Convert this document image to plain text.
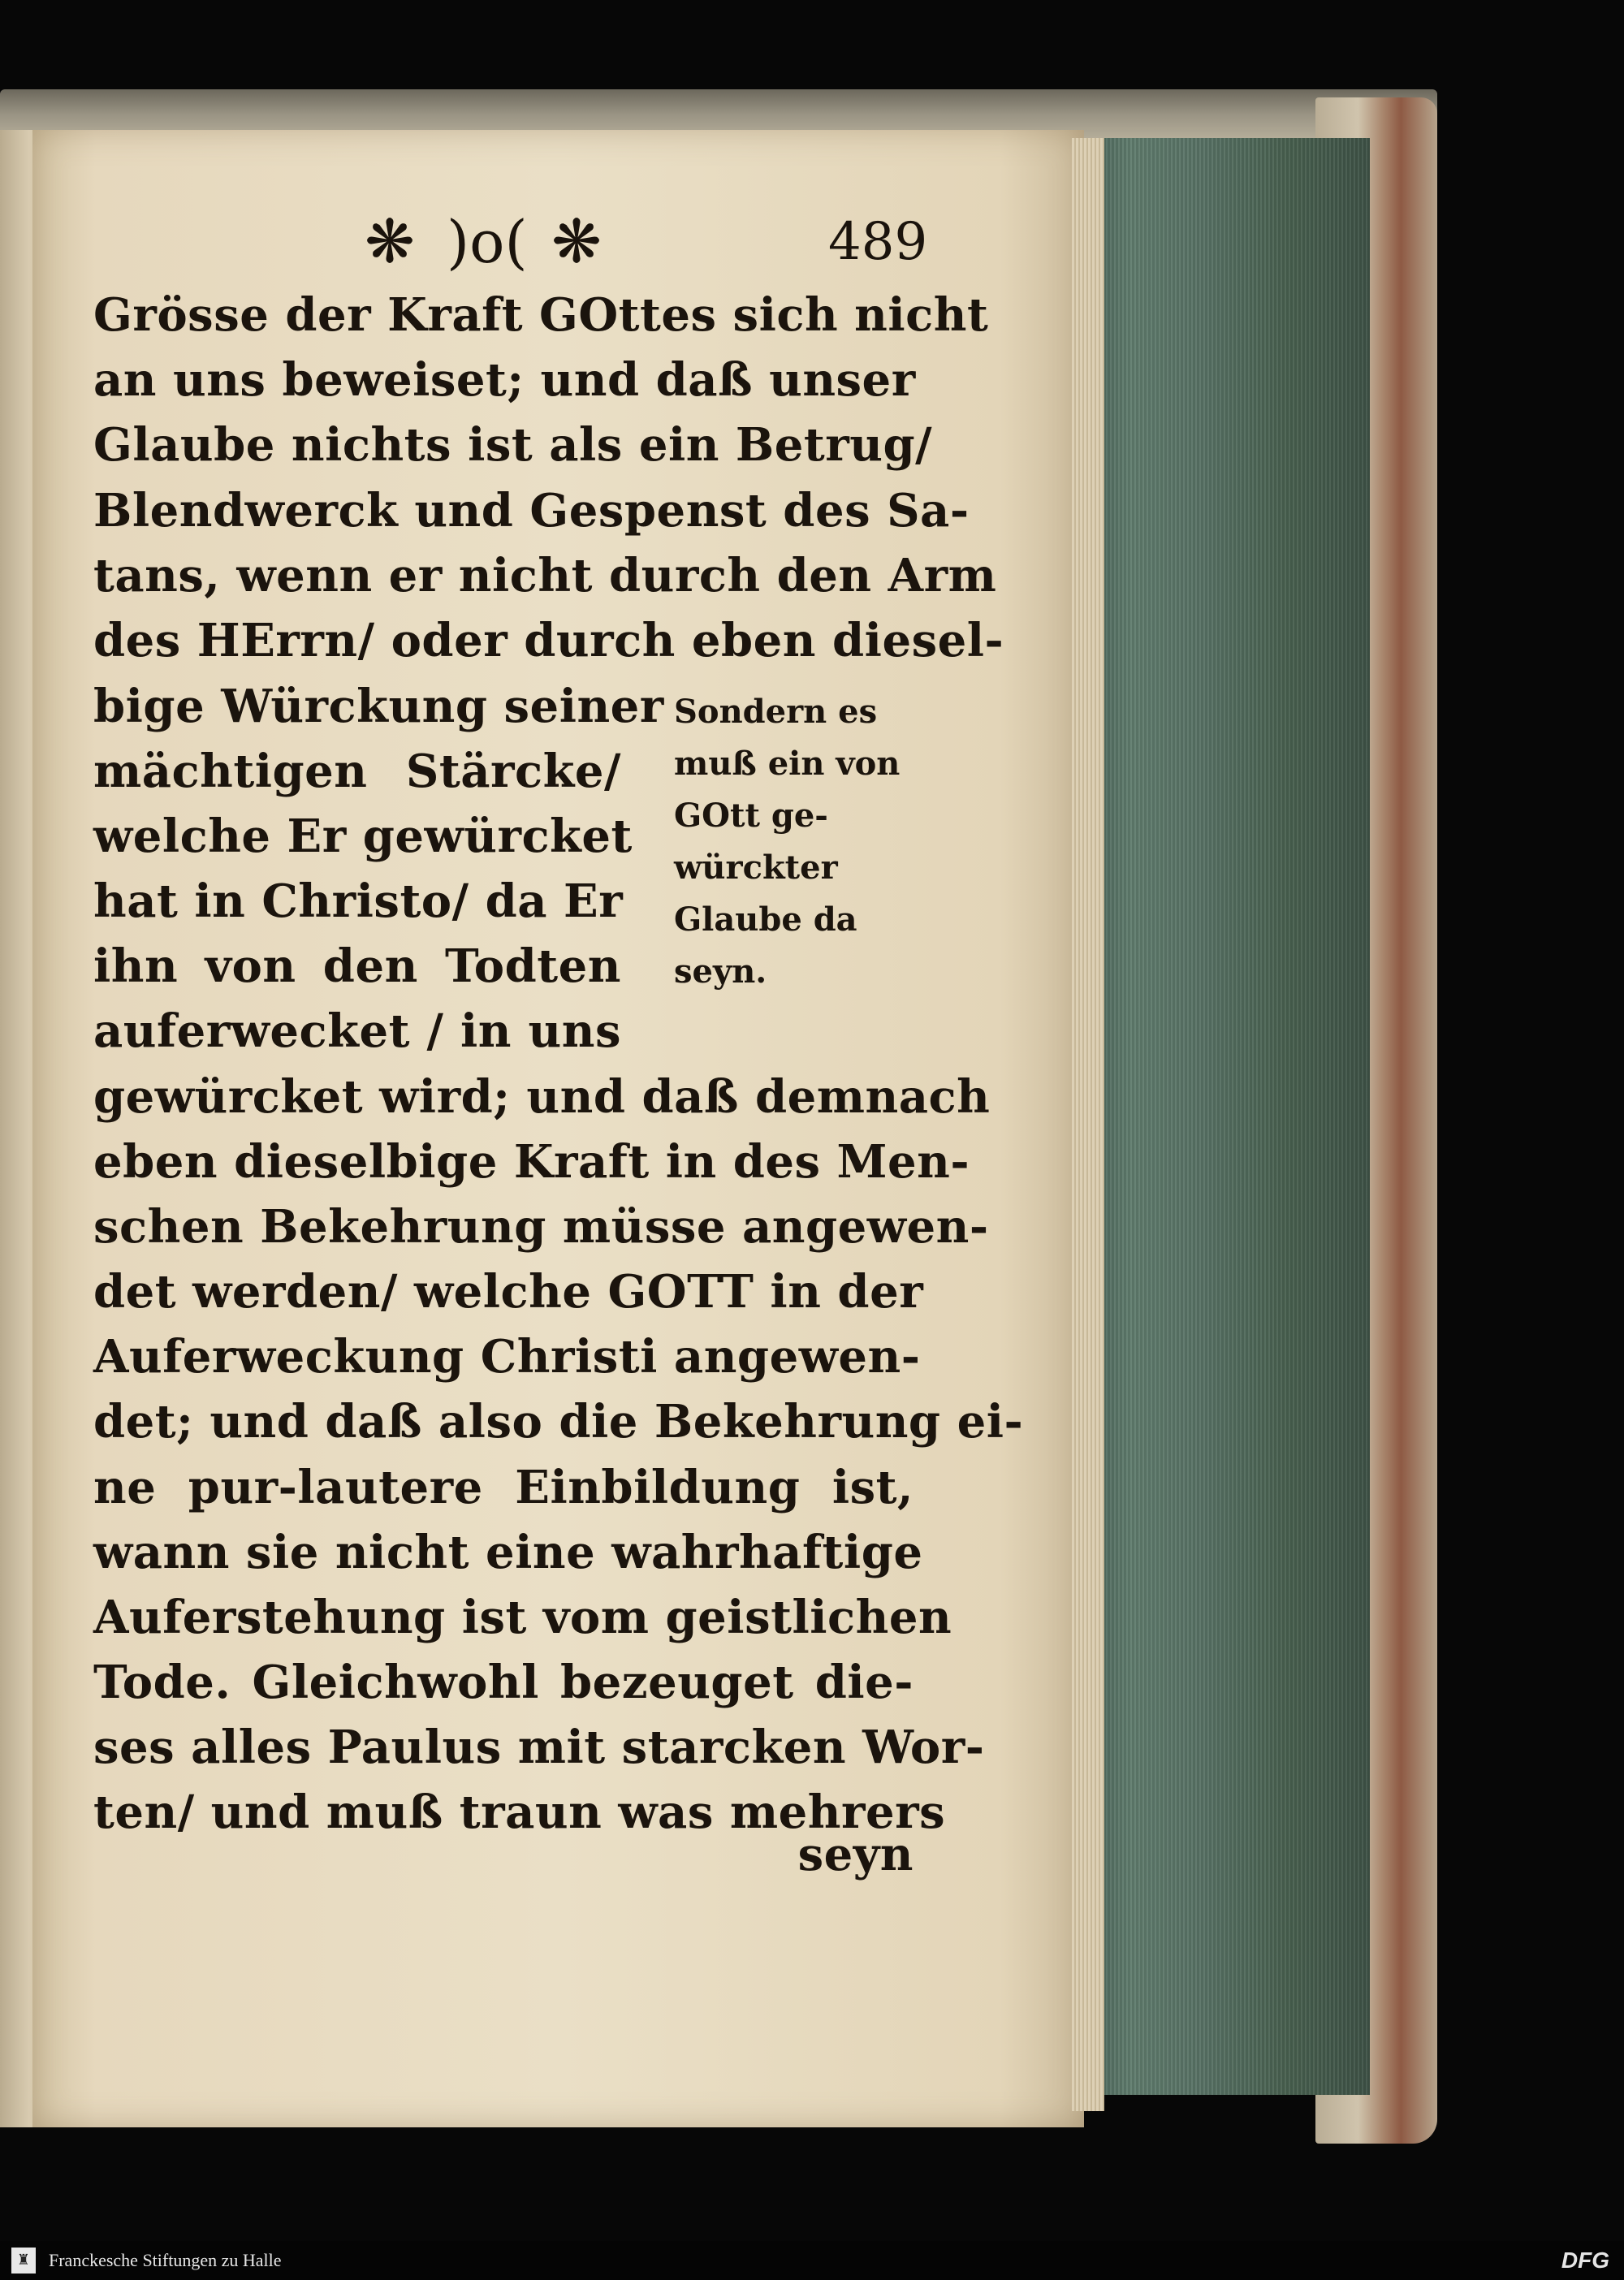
❋ )o( ❋	489
Grösse der Kraft GOttes sich nicht
an uns beweiset; und daß unser
Glaube nichts ist als ein Betrug/
Blendwerck und Gespenst des Sa-
tans, wenn er nicht durch den Arm
des HErrn/ oder durch eben diesel-
bige Würckung seiner
mächtigen Stärcke/
welche Er gewürcket
hat in Christo/ da Er
ihn von den Todten
auferwecket / in uns
gewürcket wird; und daß demnach
eben dieselbige Kraft in des Men-
schen Bekehrung müsse angewen-
det werden/ welche GOTT in der
Auferweckung Christi angewen-
det; und daß also die Bekehrung ei-
ne pur-lautere Einbildung ist,
wann sie nicht eine wahrhaftige
Auferstehung ist vom geistlichen
Tode. Gleichwohl bezeuget die-
ses alles Paulus mit starcken Wor-
ten/ und muß traun was mehrers
seyn
Sondern es
muß ein von
GOtt ge-
würckter
Glaube da
seyn.
♜	Franckesche Stiftungen zu Halle	DFG
